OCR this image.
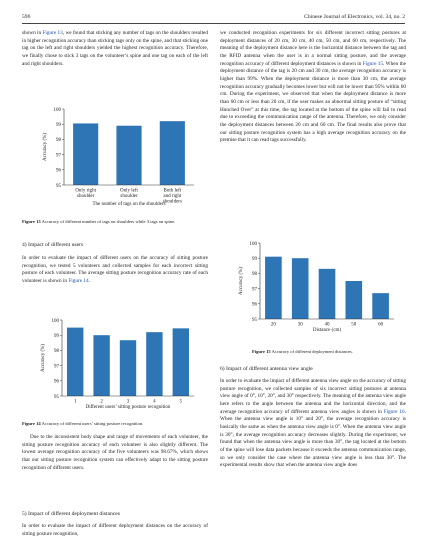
596	Chinese Journal of Electronics, vol. 34, no. 2

shown in Figure 13, we found that sticking any number of tags on the shoulders resulted in higher recognition accuracy than sticking tags only on the spine, and that sticking one tag on the left and right shoulders yielded the highest recognition accuracy. Therefore, we finally chose to stick 3 tags on the volunteer’s spine and one tag on each of the left and right shoulders.

95
96
97
98
99
100
Only right
shoulder
Only left
shoulder
Both left
and right
shoulders
The number of tags on the shoulders
Accuracy (%)

Figure 13 Accuracy of different number of tags on shoulders while 3 tags on spine.

4) Impact of different users

In order to evaluate the impact of different users on the accuracy of sitting posture recognition, we tested 5 volunteers and collected samples for each incorrect sitting posture of each volunteer. The average sitting posture recognition accuracy rate of each volunteer is shown in Figure 14.

95
96
97
98
99
100
1	2	3	4	5
Different users’ sitting posture recognition
Accuracy (%)

Figure 14 Accuracy of different users’ sitting posture recognition.

Due to the inconsistent body shape and range of movements of each volunteer, the sitting posture recognition accuracy of each volunteer is also slightly different. The lowest average recognition accuracy of the five volunteers was 98.67%, which shows that our sitting posture recognition system can effectively adapt to the sitting posture recognition of different users.

5) Impact of different deployment distances

In order to evaluate the impact of different deployment distances on the accuracy of sitting posture recognition,

we conducted recognition experiments for six different incorrect sitting postures at deployment distances of 20 cm, 30 cm, 40 cm, 50 cm, and 60 cm, respectively. The meaning of the deployment distance here is the horizontal distance between the tag and the RFID antenna when the user is in a normal sitting posture, and the average recognition accuracy of different deployment distances is shown in Figure 15. When the deployment distance of the tag is 20 cm and 30 cm, the average recognition accuracy is higher than 99%. When the deployment distance is more than 30 cm, the average recognition accuracy gradually becomes lower but will not be lower than 95% within 60 cm. During the experiment, we observed that when the deployment distance is more than 60 cm or less than 20 cm, if the user makes an abnormal sitting posture of “sitting Hunched Over” at this time, the tag located at the bottom of the spine will fail to read due to exceeding the communication range of the antenna. Therefore, we only consider the deployment distances between 20 cm and 60 cm. The final results also prove that our sitting posture recognition system has a high average recognition accuracy on the premise that it can read tags successfully.

95
96
97
98
99
100
20	30	40	50	60
Distance (cm)
Accuracy (%)

Figure 15 Accuracy of different deployment distances.

6) Impact of different antenna view angle

In order to evaluate the impact of different antenna view angle on the accuracy of sitting posture recognition, we collected samples of six incorrect sitting postures at antenna view angle of 0°, 10°, 20°, and 30° respectively. The meaning of the antenna view angle here refers to the angle between the antenna and the horizontal direction, and the average recognition accuracy of different antenna view angles is shown in Figure 16. When the antenna view angle is 10° and 20°, the average recognition accuracy is basically the same as when the antenna view angle is 0°. When the antenna view angle is 30°, the average recognition accuracy decreases slightly. During the experiment, we found that when the antenna view angle is more than 30°, the tag located at the bottom of the spine will lose data packets because it exceeds the antenna communication range, so we only consider the case where the antenna view angle is less than 30°. The experimental results show that when the antenna view angle does
